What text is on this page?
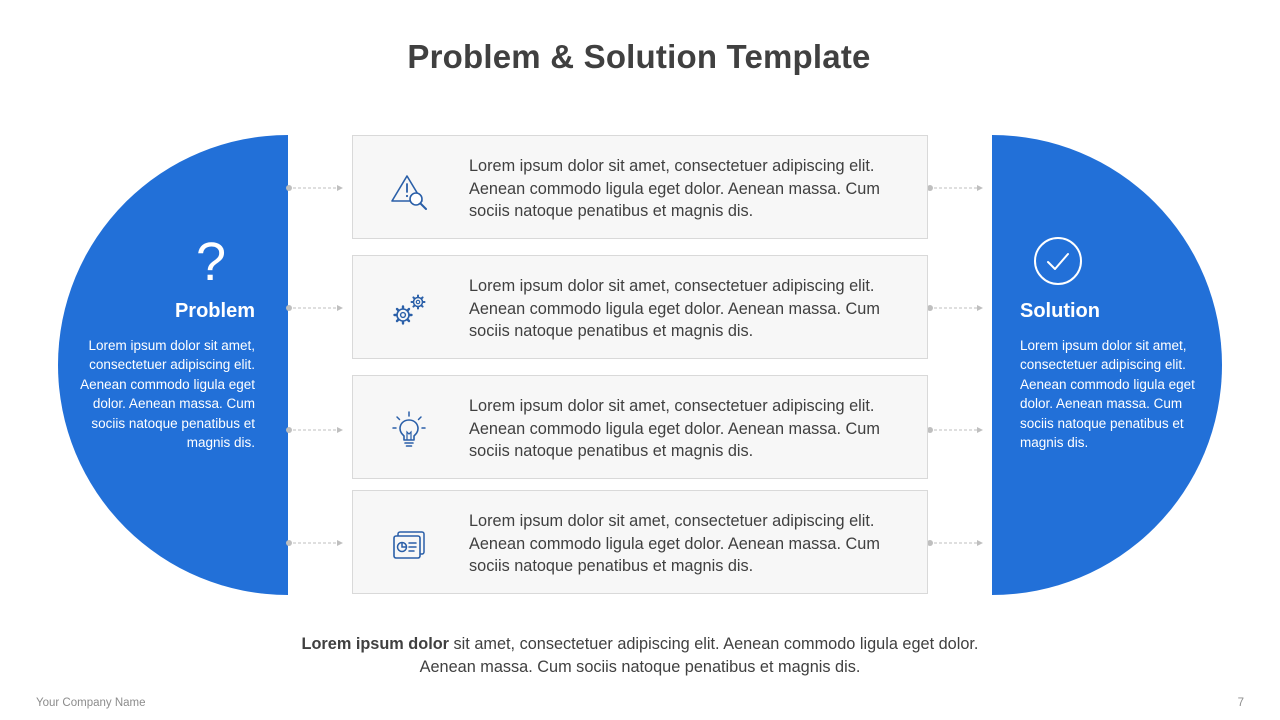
Problem & Solution Template
?
Problem

Lorem ipsum dolor sit amet, consectetuer adipiscing elit. Aenean commodo ligula eget dolor. Aenean massa. Cum sociis natoque penatibus et magnis dis.

Solution

Lorem ipsum dolor sit amet, consectetuer adipiscing elit. Aenean commodo ligula eget dolor. Aenean massa. Cum sociis natoque penatibus et magnis dis.

Lorem ipsum dolor sit amet, consectetuer adipiscing elit. Aenean commodo ligula eget dolor. Aenean massa. Cum sociis natoque penatibus et magnis dis.

Lorem ipsum dolor sit amet, consectetuer adipiscing elit. Aenean commodo ligula eget dolor. Aenean massa. Cum sociis natoque penatibus et magnis dis.

Lorem ipsum dolor sit amet, consectetuer adipiscing elit. Aenean commodo ligula eget dolor. Aenean massa. Cum sociis natoque penatibus et magnis dis.

Lorem ipsum dolor sit amet, consectetuer adipiscing elit. Aenean commodo ligula eget dolor. Aenean massa. Cum sociis natoque penatibus et magnis dis.

Lorem ipsum dolor sit amet, consectetuer adipiscing elit. Aenean commodo ligula eget dolor. Aenean massa. Cum sociis natoque penatibus et magnis dis.

Your Company Name	7
